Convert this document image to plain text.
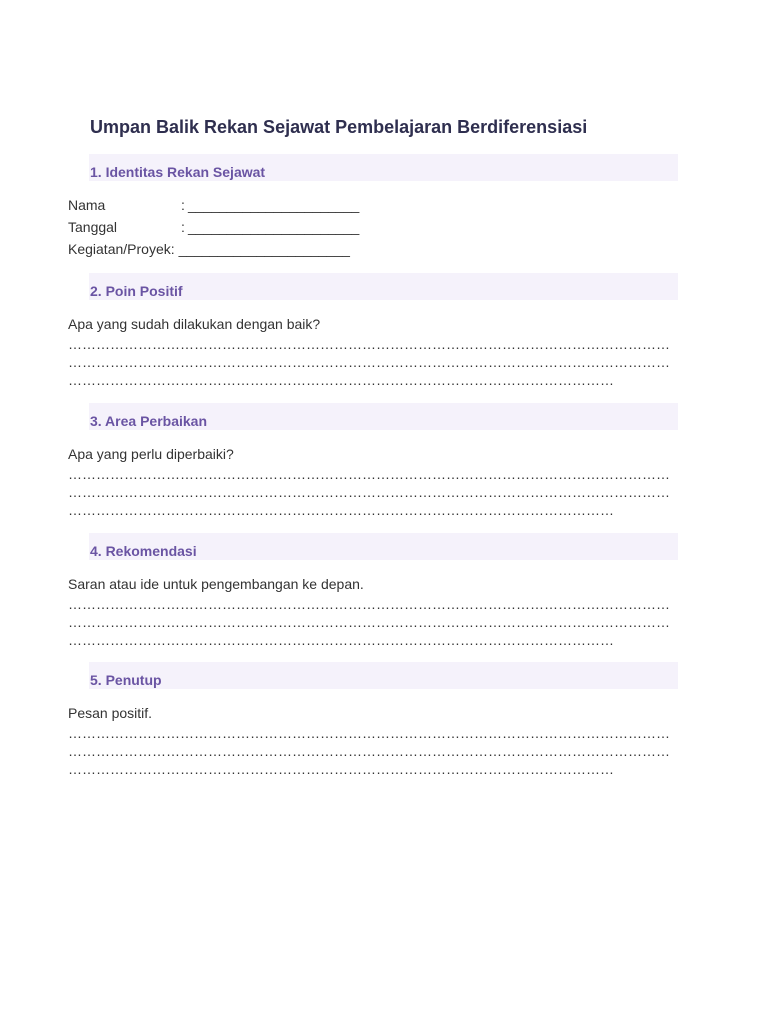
Umpan Balik Rekan Sejawat Pembelajaran Berdiferensiasi
1. Identitas Rekan Sejawat
Nama	: ______________________
Tanggal	: ______________________
Kegiatan/Proyek: ______________________
2. Poin Positif
Apa yang sudah dilakukan dengan baik?
…………………………………………………………………………………………………………………
…………………………………………………………………………………………………………………
………………………………………………………………………………………………………
3. Area Perbaikan
Apa yang perlu diperbaiki?
…………………………………………………………………………………………………………………
…………………………………………………………………………………………………………………
………………………………………………………………………………………………………
4. Rekomendasi
Saran atau ide untuk pengembangan ke depan.
…………………………………………………………………………………………………………………
…………………………………………………………………………………………………………………
………………………………………………………………………………………………………
5. Penutup
Pesan positif.
…………………………………………………………………………………………………………………
…………………………………………………………………………………………………………………
………………………………………………………………………………………………………
